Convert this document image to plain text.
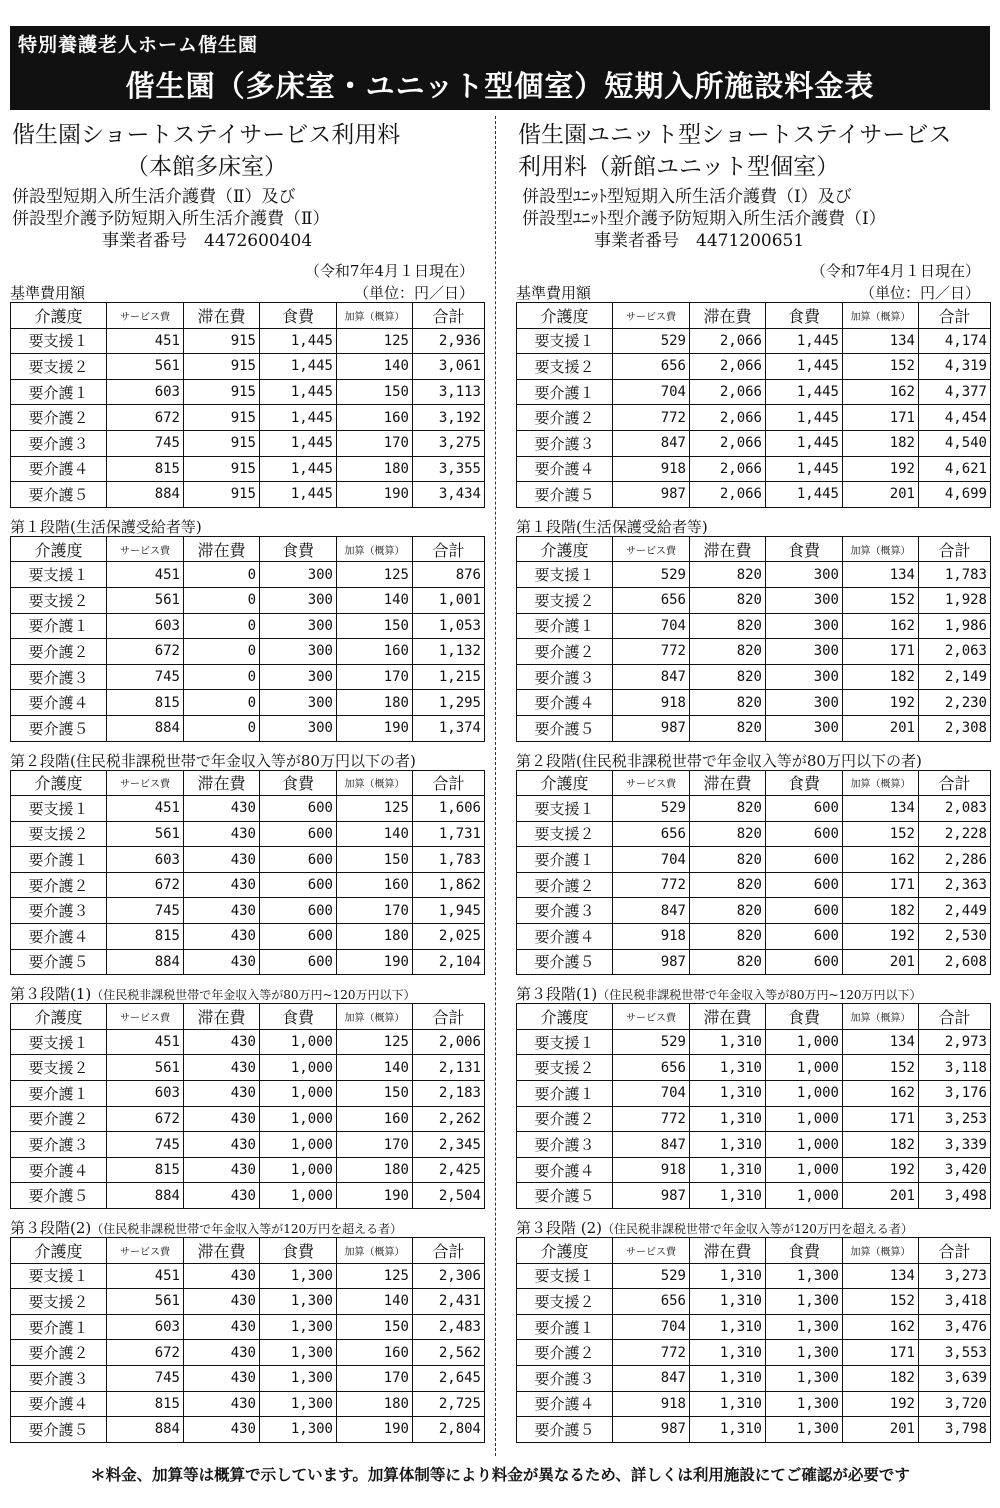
特別養護老人ホーム偕生園
偕生園（多床室・ユニット型個室）短期入所施設料金表
偕生園ショートステイサービス利用料
（本館多床室）
併設型短期入所生活介護費（Ⅱ）及び
併設型介護予防短期入所生活介護費（Ⅱ）
事業者番号　4472600404
（令和7年4月１日現在）
基準費用額	（単位：円／日）
介護度	サービス費	滞在費	食費	加算（概算）	合計
要支援１	451	915	1,445	125	2,936
要支援２	561	915	1,445	140	3,061
要介護１	603	915	1,445	150	3,113
要介護２	672	915	1,445	160	3,192
要介護３	745	915	1,445	170	3,275
要介護４	815	915	1,445	180	3,355
要介護５	884	915	1,445	190	3,434
第１段階(生活保護受給者等)
介護度	サービス費	滞在費	食費	加算（概算）	合計
要支援１	451	0	300	125	876
要支援２	561	0	300	140	1,001
要介護１	603	0	300	150	1,053
要介護２	672	0	300	160	1,132
要介護３	745	0	300	170	1,215
要介護４	815	0	300	180	1,295
要介護５	884	0	300	190	1,374
第２段階(住民税非課税世帯で年金収入等が80万円以下の者)
介護度	サービス費	滞在費	食費	加算（概算）	合計
要支援１	451	430	600	125	1,606
要支援２	561	430	600	140	1,731
要介護１	603	430	600	150	1,783
要介護２	672	430	600	160	1,862
要介護３	745	430	600	170	1,945
要介護４	815	430	600	180	2,025
要介護５	884	430	600	190	2,104
第３段階(1)（住民税非課税世帯で年金収入等が80万円~120万円以下）
介護度	サービス費	滞在費	食費	加算（概算）	合計
要支援１	451	430	1,000	125	2,006
要支援２	561	430	1,000	140	2,131
要介護１	603	430	1,000	150	2,183
要介護２	672	430	1,000	160	2,262
要介護３	745	430	1,000	170	2,345
要介護４	815	430	1,000	180	2,425
要介護５	884	430	1,000	190	2,504
第３段階(2)（住民税非課税世帯で年金収入等が120万円を超える者）
介護度	サービス費	滞在費	食費	加算（概算）	合計
要支援１	451	430	1,300	125	2,306
要支援２	561	430	1,300	140	2,431
要介護１	603	430	1,300	150	2,483
要介護２	672	430	1,300	160	2,562
要介護３	745	430	1,300	170	2,645
要介護４	815	430	1,300	180	2,725
要介護５	884	430	1,300	190	2,804
偕生園ユニット型ショートステイサービス
利用料（新館ユニット型個室）
併設型ﾕﾆｯﾄ型短期入所生活介護費（Ⅰ）及び
併設型ﾕﾆｯﾄ型介護予防短期入所生活介護費（Ⅰ）
事業者番号　4471200651
（令和7年4月１日現在）
基準費用額	（単位：円／日）
介護度	サービス費	滞在費	食費	加算（概算）	合計
要支援１	529	2,066	1,445	134	4,174
要支援２	656	2,066	1,445	152	4,319
要介護１	704	2,066	1,445	162	4,377
要介護２	772	2,066	1,445	171	4,454
要介護３	847	2,066	1,445	182	4,540
要介護４	918	2,066	1,445	192	4,621
要介護５	987	2,066	1,445	201	4,699
第１段階(生活保護受給者等)
介護度	サービス費	滞在費	食費	加算（概算）	合計
要支援１	529	820	300	134	1,783
要支援２	656	820	300	152	1,928
要介護１	704	820	300	162	1,986
要介護２	772	820	300	171	2,063
要介護３	847	820	300	182	2,149
要介護４	918	820	300	192	2,230
要介護５	987	820	300	201	2,308
第２段階(住民税非課税世帯で年金収入等が80万円以下の者)
介護度	サービス費	滞在費	食費	加算（概算）	合計
要支援１	529	820	600	134	2,083
要支援２	656	820	600	152	2,228
要介護１	704	820	600	162	2,286
要介護２	772	820	600	171	2,363
要介護３	847	820	600	182	2,449
要介護４	918	820	600	192	2,530
要介護５	987	820	600	201	2,608
第３段階(1)（住民税非課税世帯で年金収入等が80万円~120万円以下）
介護度	サービス費	滞在費	食費	加算（概算）	合計
要支援１	529	1,310	1,000	134	2,973
要支援２	656	1,310	1,000	152	3,118
要介護１	704	1,310	1,000	162	3,176
要介護２	772	1,310	1,000	171	3,253
要介護３	847	1,310	1,000	182	3,339
要介護４	918	1,310	1,000	192	3,420
要介護５	987	1,310	1,000	201	3,498
第３段階 (2)（住民税非課税世帯で年金収入等が120万円を超える者）
介護度	サービス費	滞在費	食費	加算（概算）	合計
要支援１	529	1,310	1,300	134	3,273
要支援２	656	1,310	1,300	152	3,418
要介護１	704	1,310	1,300	162	3,476
要介護２	772	1,310	1,300	171	3,553
要介護３	847	1,310	1,300	182	3,639
要介護４	918	1,310	1,300	192	3,720
要介護５	987	1,310	1,300	201	3,798
＊料金、加算等は概算で示しています。加算体制等により料金が異なるため、詳しくは利用施設にてご確認が必要です
